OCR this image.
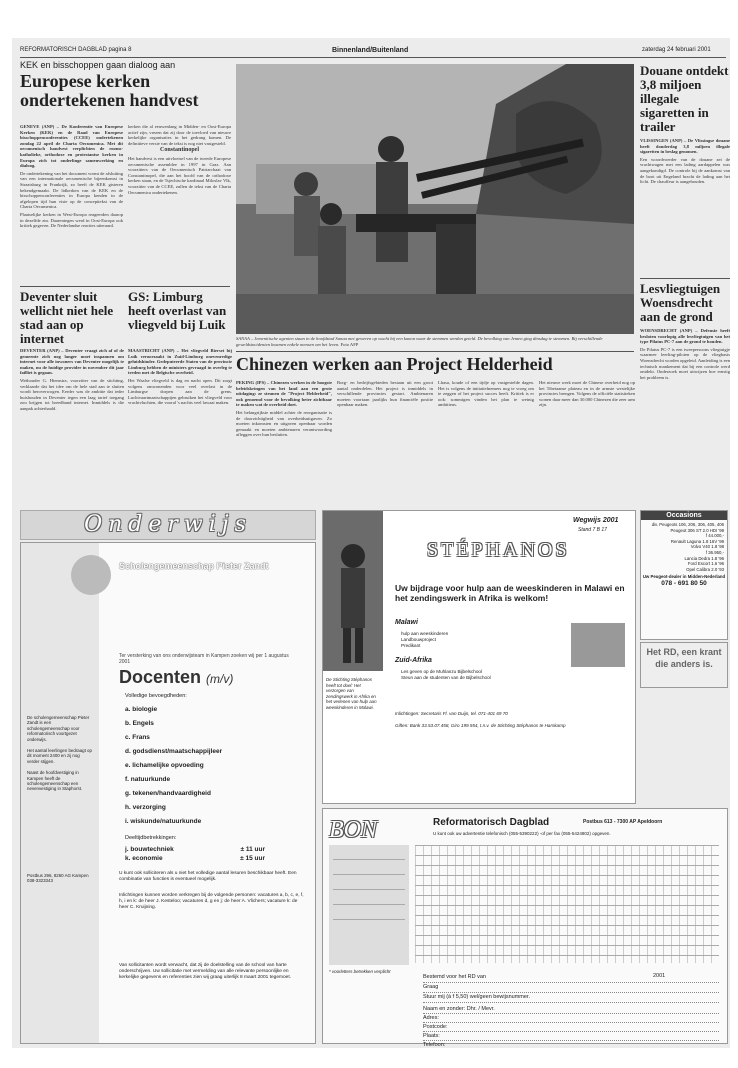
REFORMATORISCH DAGBLAD pagina 8	Binnenland/Buitenland	zaterdag 24 februari 2001
KEK en bisschoppen gaan dialoog aan
Europese kerken ondertekenen handvest

GENEVE (ANP) – De Konferentie van Europese Kerken (KEK) en de Raad van Europese bisschoppenconferenties (CCEE) ondertekenen zondag 22 april de Charta Oecumenica. Met dit oecumenisch handvest verplichten de rooms-katholieke, orthodoxe en protestantse kerken in Europa zich tot onderlinge samenwerking en dialoog.

De ondertekening van het document vormt de afsluiting van een internationale oecumenische bijeenkomst in Straatsburg in Frankrijk, zo heeft de KEK gisteren bekendgemaakt. De lidkerken van de KEK en de bisschoppenconferenties in Europa kenden in de afgelopen tijd hun visie op de concepttekst van de Charta Oecumenica.

Plaatselijke kerken in West-Europa reageerden daarop in dezelfde zin. Daarentegen werd in Oost-Europa ook kritiek gegeven. De Nederlandse reacties uiteraard.

kerken die al eeuwenlang in Midden- en Oost-Europa actief zijn, vrezen dat zij door de toevloed van nieuwe kerkelijke organisaties in het gedrang komen. De definitieve versie van de tekst is nog niet vastgesteld.

Constantinopel

Het handvest is een uitvloeisel van de tweede Europese oecumenische assemblee in 1997 in Graz. Aan voorzitters van de Oecumenisch Patriarchaat van Constantinopel, die aan het hoofd van de orthodoxe kerken staan, en de Tsjechische kardinaal Miloslav Vlk, voorzitter van de CCEE, zullen de tekst van de Charta Oecumenica ondertekenen.

SANAA – Jemenitische agenten staan in de hoofdstad Sanaa met geweren op wacht bij een kanon waar de stemmen werden geteld. De bevolking van Jemen ging dinsdag te stemmen. Bij verschillende geweldsincidenten kwamen enkele mensen om het leven. Foto AFP
Deventer sluit wellicht niet hele stad aan op internet

DEVENTER (ANP) – Deventer vraagt zich af of de gemeente zich nog langer moet inspannen om internet voor alle inwoners van Deventer mogelijk te maken, nu de huidige provider in november dit jaar failliet is gegaan.

Wethouder G. Hiemstra, voorzitter van de stichting, verklaarde dat het idee om de hele stad aan te sluiten wordt heroverwogen. Eerder was de ambitie dat ieder huishouden in Deventer tegen een laag tarief toegang zou krijgen tot breedband internet. Inmiddels is die aanpak achterhaald.

GS: Limburg heeft overlast van vliegveld bij Luik

MAASTRICHT (ANP) – Het vliegveld Bierset bij Luik veroorzaakt in Zuid-Limburg onevenredige geluidshinder. Gedeputeerde Staten van de provincie Limburg hebben de ministers gevraagd in overleg te treden met de Belgische overheid.

Het Waalse vliegveld is dag en nacht open. Dit zorgt volgens omwonenden voor veel overlast in de Limburgse dorpen aan de grens. Luchtvaartmaatschappijen gebruiken het vliegveld voor vrachtvluchten, die vooral 's nachts veel lawaai maken.

Chinezen werken aan Project Helderheid

PEKING (IPS) – Chinezen werken in de hoogste beleidskringen van het land aan een grote uitdaging: ze steunen de "Project Helderheid", ook genoemd voor de bevolking beter zichtbaar te maken wat de overheid doet.

Het belangrijkste middel achter de reorganisatie is de doorzichtigheid van overheidsuitgaven. Zo moeten inkomsten en uitgaven openbaar worden gemaakt en moeten ambtenaren verantwoording afleggen over hun besluiten.

Borg- en bedrijfsgebieden bestaan uit een groot aantal onderdelen. Het project is inmiddels in verschillende provincies gestart. Ambtenaren moeten voortaan jaarlijks hun financiële positie openbaar maken.

Lhasa, koude of een tijdje op vastgestelde dagen. Het is volgens de initiatiefnemers nog te vroeg om te zeggen of het project succes heeft. Kritiek is er ook: sommigen vinden het plan te weinig ambitieus.

Het nieuwe werk moet de Chinese overheid nog op het Tibetaanse plateau en in de armste westelijke provincies brengen. Volgens de officiële statistieken wonen daar meer dan 30.000 Chinezen die zeer arm zijn.

Douane ontdekt 3,8 miljoen illegale sigaretten in trailer

VLISSINGEN (ANP) – De Vlissingse douane heeft donderdag 3,8 miljoen illegale sigaretten in beslag genomen.

Een woordvoerder van de douane zei de vrachtwagen met een lading aardappelen was aangekondigd. De controle bij de aankomst van de boot uit Engeland bracht de lading aan het licht. De chauffeur is aangehouden.

Lesvliegtuigen Woensdrecht aan de grond

WOENSDRECHT (ANP) – Defensie heeft besloten voorlopig alle lesvliegtuigen van het type Pilatus PC-7 aan de grond te houden.

De Pilatus PC-7 is een tweepersoons vliegtuigje waarmee leerling-piloten op de vliegbasis Woensdrecht worden opgeleid. Aanleiding is een technisch mankement dat bij een controle werd ontdekt. Onderzoek moet uitwijzen hoe ernstig het probleem is.

Onderwijs
Scholengemeenschap Pieter Zandt
Ter versterking van ons onderwijsteam in Kampen zoeken wij per 1 augustus 2001
Docenten (m/v)
Volledige bevoegdheden:
a. biologie
b. Engels
c. Frans
d. godsdienst/maatschappijleer
e. lichamelijke opvoeding
f. natuurkunde
g. tekenen/handvaardigheid
h. verzorging
i. wiskunde/natuurkunde
Deeltijdbetrekkingen:
j. bouwtechniek	± 11 uur
k. economie	± 15 uur
U kunt ook solliciteren als u niet het volledige aantal lesuren beschikbaar heeft. Een combinatie van functies is eventueel mogelijk.
Inlichtingen kunnen worden verkregen bij de volgende personen: vacatures a, b, c, e, f, h, i en k: de heer J. Kesteloo; vacatures d, g en j: de heer A. Vlichers; vacature k: de heer C. Kruijning.
Van sollicitanten wordt verwacht, dat zij de doelstelling van de school van harte onderschrijven. Uw sollicitatie met vermelding van alle relevante persoonlijke en kerkelijke gegevens en referenties zien wij graag uiterlijk 8 maart 2001 tegemoet.

De scholengemeenschap Pieter Zandt is een scholengemeenschap voor reformatorisch voortgezet onderwijs.

Het aantal leerlingen bedraagt op dit moment 2400 en zij nog verder stijgen.

Naast de hoofdvestiging in Kampen heeft de scholengemeenschap een nevenvestiging in Staphorst.

Postbus 296, 8260 AG Kampen
038-3323343
Occasions
div. Peugeots 106, 206, 306, 405, 406
Peugeot 306 ST 2.0 HDI '99
f 44.000,-
Renault Laguna 1.8 16V '99
Volvo V40 1.8 '98
f 36.950,-
Lancia Dedra 1.8 '96
Ford Escort 1.6 '96
Opel Calibra 2.0 '93
Uw Peugeot-dealer in Midden-Nederland
078 - 691 80 50
Het RD, een krant die anders is.
De Stichting Stéphanos heeft tot doel: Het verzorgen van zendingswerk in Afrika en het verlenen van hulp aan weeskinderen in Malawi.
Wegwijs 2001
Stand 7 B 17
STÉPHANOS
Uw bijdrage voor hulp aan de weeskinderen in Malawi en het zendingswerk in Afrika is welkom!
Malawi
hulp aan weeskinderen
Landbouwproject
Predikant
Zuid-Afrika
Les geven op de Muhlanzu Bijbelschool
Steun aan de studenten van de Bijbelschool
Inlichtingen: Secretaris Fl. van Duijn, tel. 071-401 69 70
Giften: Bank 33.53.07.458, Giro 199.554, t.n.v. de Stichting Stéphanos te Harskamp
BON	Reformatorisch Dagblad	Postbus 613 - 7300 AP Apeldoorn
U kunt ook uw advertentie telefonisch (055-5390222) -of per fax (055-5424802) opgeven.
* voorletters betrekken verplicht
Bestemd voor het RD van
Graag
Stuur mij (à f 5,50) wel/geen bewijsnummer.
2001
Naam en zonder: Dhr. / Mevr.
Adres:
Postcode:
Plaats:
Telefoon:
